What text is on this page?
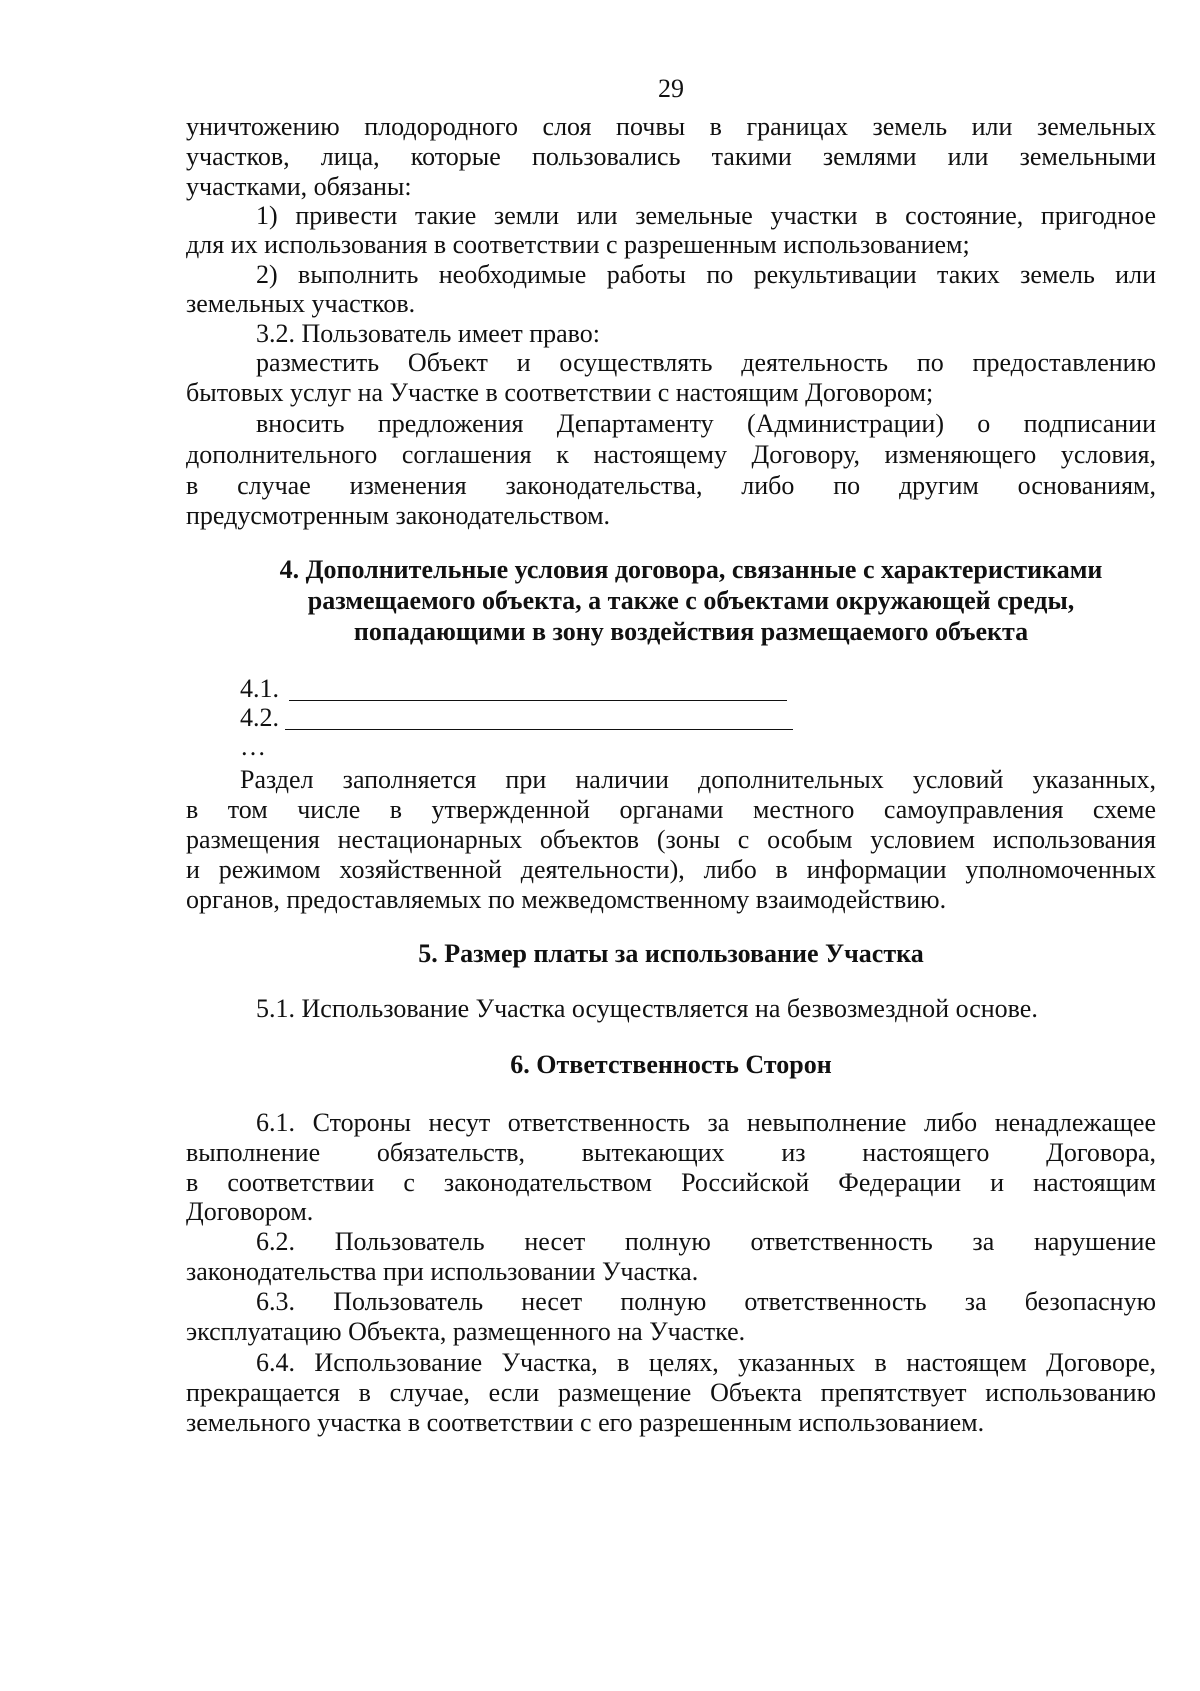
29
уничтожению плодородного слоя почвы в границах земель или земельных
участков, лица, которые пользовались такими землями или земельными
участками, обязаны:
1) привести такие земли или земельные участки в состояние, пригодное
для их использования в соответствии с разрешенным использованием;
2) выполнить необходимые работы по рекультивации таких земель или
земельных участков.
3.2. Пользователь имеет право:
разместить Объект и осуществлять деятельность по предоставлению
бытовых услуг на Участке в соответствии с настоящим Договором;
вносить предложения Департаменту (Администрации) о подписании
дополнительного соглашения к настоящему Договору, изменяющего условия,
в случае изменения законодательства, либо по другим основаниям,
предусмотренным законодательством.
4. Дополнительные условия договора, связанные с характеристиками
размещаемого объекта, а также с объектами окружающей среды,
попадающими в зону воздействия размещаемого объекта
4.1.
4.2.
…
Раздел заполняется при наличии дополнительных условий указанных,
в том числе в утвержденной органами местного самоуправления схеме
размещения нестационарных объектов (зоны с особым условием использования
и режимом хозяйственной деятельности), либо в информации уполномоченных
органов, предоставляемых по межведомственному взаимодействию.
5. Размер платы за использование Участка
5.1. Использование Участка осуществляется на безвозмездной основе.
6. Ответственность Сторон
6.1. Стороны несут ответственность за невыполнение либо ненадлежащее
выполнение обязательств, вытекающих из настоящего Договора,
в соответствии с законодательством Российской Федерации и настоящим
Договором.
6.2. Пользователь несет полную ответственность за нарушение
законодательства при использовании Участка.
6.3. Пользователь несет полную ответственность за безопасную
эксплуатацию Объекта, размещенного на Участке.
6.4. Использование Участка, в целях, указанных в настоящем Договоре,
прекращается в случае, если размещение Объекта препятствует использованию
земельного участка в соответствии с его разрешенным использованием.
